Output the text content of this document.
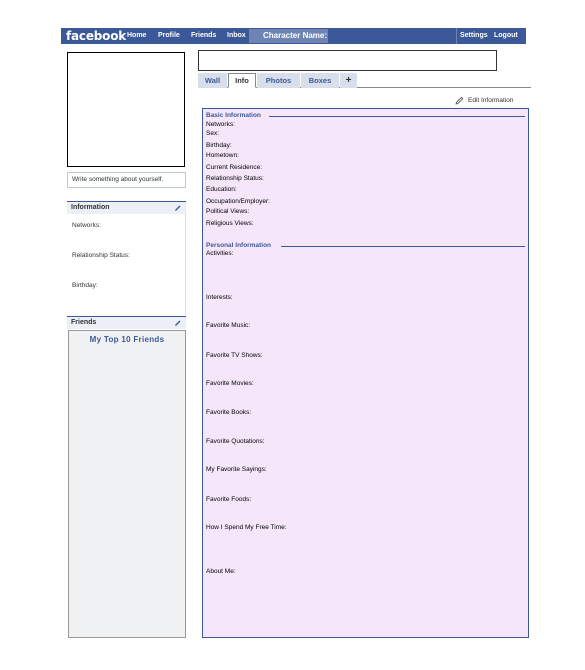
facebook Home Profile Friends Inbox	Character Name:	Settings Logout
Write something about yourself.
Information
Networks:
Relationship Status:
Birthday:
Friends
My Top 10 Friends
Wall	Info	Photos	Boxes	+
Edit Information
Basic Information
Networks:
Sex:
Birthday:
Hometown:
Current Residence:
Relationship Status:
Education:
Occupation/Employer:
Political Views:
Religious Views:
Personal Information
Activities:
Interests:
Favorite Music:
Favorite TV Shows:
Favorite Movies:
Favorite Books:
Favorite Quotations:
My Favorite Sayings:
Favorite Foods:
How I Spend My Free Time:
About Me:
